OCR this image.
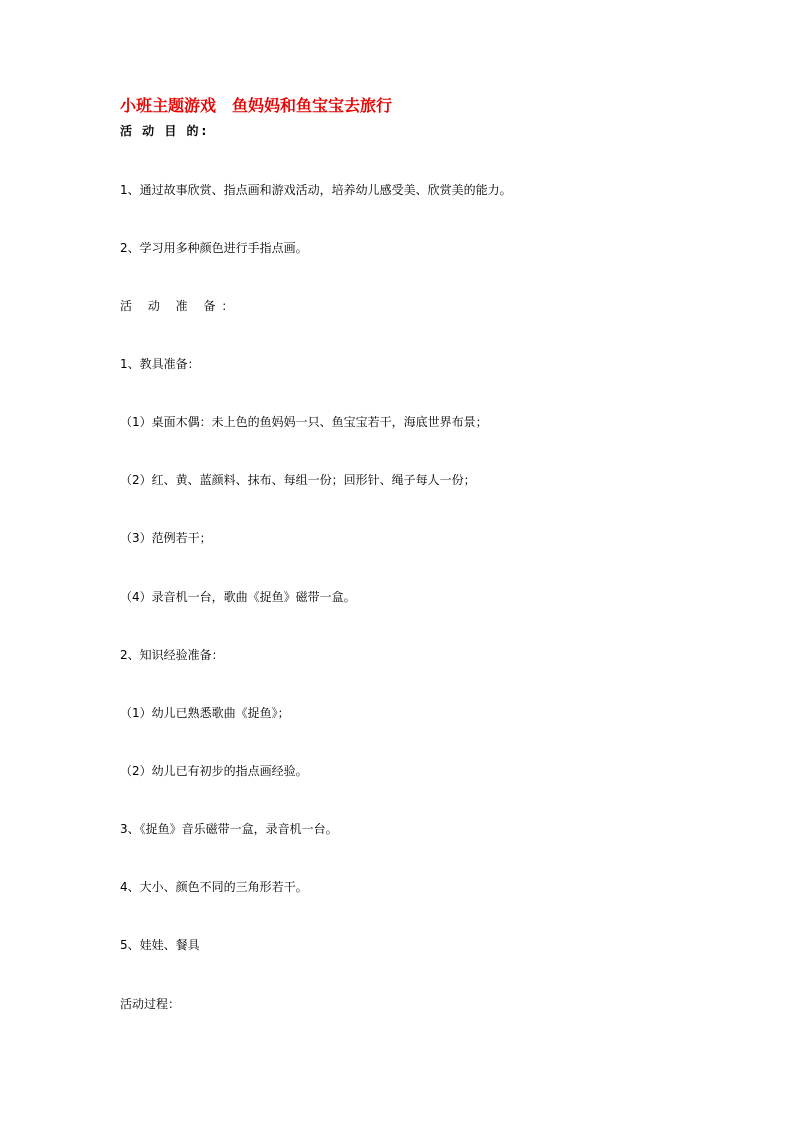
小班主题游戏　鱼妈妈和鱼宝宝去旅行
活 动 目 的:
1、通过故事欣赏、指点画和游戏活动，培养幼儿感受美、欣赏美的能力。
2、学习用多种颜色进行手指点画。
活 动 准 备：
1、教具准备：
（1）桌面木偶：未上色的鱼妈妈一只、鱼宝宝若干，海底世界布景；
（2）红、黄、蓝颜料、抹布、每组一份；回形针、绳子每人一份；
（3）范例若干；
（4）录音机一台，歌曲《捉鱼》磁带一盒。
2、知识经验准备：
（1）幼儿已熟悉歌曲《捉鱼》；
（2）幼儿已有初步的指点画经验。
3、《捉鱼》音乐磁带一盒，录音机一台。
4、大小、颜色不同的三角形若干。
5、娃娃、餐具
活动过程：
